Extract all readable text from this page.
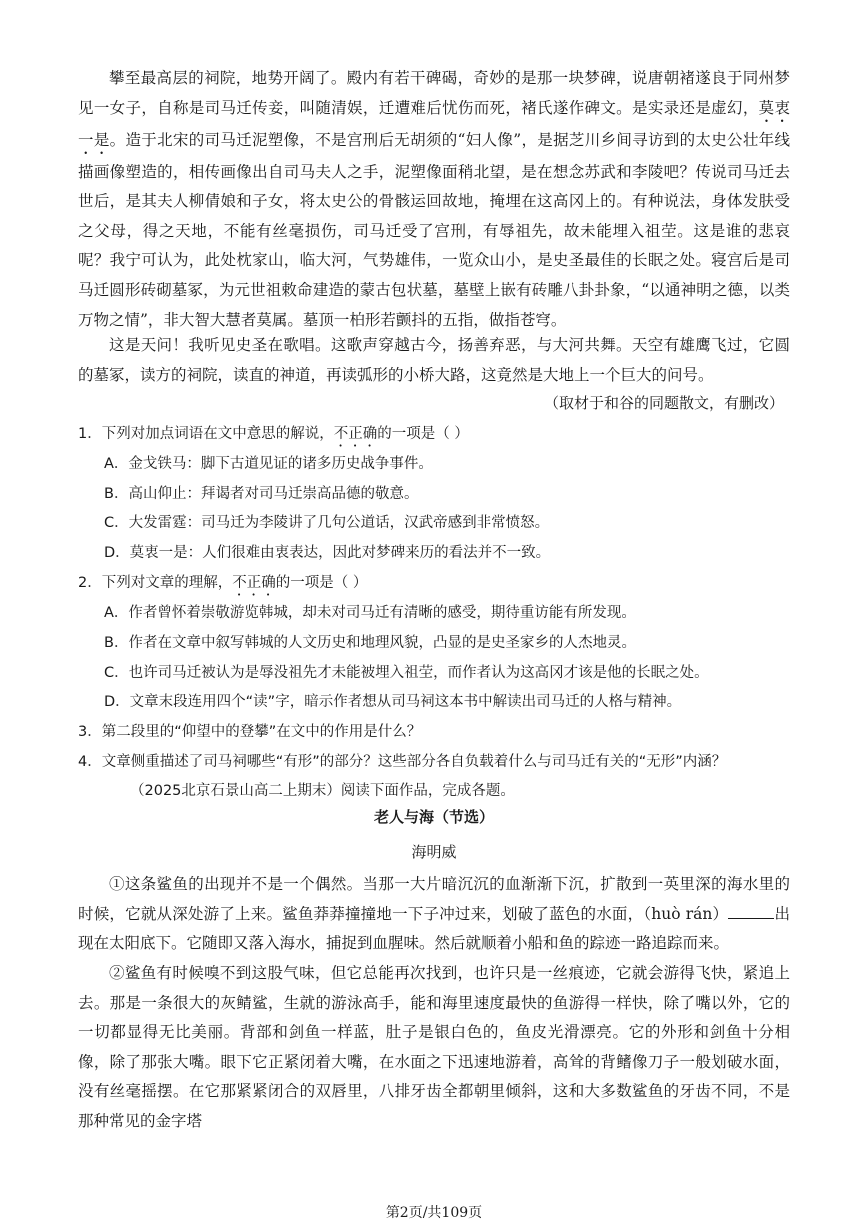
攀至最高层的祠院，地势开阔了。殿内有若干碑碣，奇妙的是那一块梦碑，说唐朝褚遂良于同州梦见一女子，自称是司马迁传妾，叫随清娱，迁遭难后忧伤而死，褚氏遂作碑文。是实录还是虚幻，莫衷一是。造于北宋的司马迁泥塑像，不是宫刑后无胡须的“妇人像”，是据芝川乡间寻访到的太史公壮年线描画像塑造的，相传画像出自司马夫人之手，泥塑像面稍北望，是在想念苏武和李陵吧？传说司马迁去世后，是其夫人柳倩娘和子女，将太史公的骨骸运回故地，掩埋在这高冈上的。有种说法，身体发肤受之父母，得之天地，不能有丝毫损伤，司马迁受了宫刑，有辱祖先，故未能埋入祖茔。这是谁的悲哀呢？我宁可认为，此处枕家山，临大河，气势雄伟，一览众山小，是史圣最佳的长眠之处。寝宫后是司马迁圆形砖砌墓冢，为元世祖敕命建造的蒙古包状墓，墓壁上嵌有砖雕八卦卦象，“以通神明之德，以类万物之情”，非大智大慧者莫属。墓顶一柏形若颤抖的五指，做指苍穹。

这是天问！我听见史圣在歌唱。这歌声穿越古今，扬善弃恶，与大河共舞。天空有雄鹰飞过，它圆的墓冢，读方的祠院，读直的神道，再读弧形的小桥大路，这竟然是大地上一个巨大的问号。

（取材于和谷的同题散文，有删改）
1．下列对加点词语在文中意思的解说，不正确的一项是（ ）
A．金戈铁马：脚下古道见证的诸多历史战争事件。
B．高山仰止：拜谒者对司马迁崇高品德的敬意。
C．大发雷霆：司马迁为李陵讲了几句公道话，汉武帝感到非常愤怒。
D．莫衷一是：人们很难由衷表达，因此对梦碑来历的看法并不一致。
2．下列对文章的理解，不正确的一项是（ ）
A．作者曾怀着崇敬游览韩城，却未对司马迁有清晰的感受，期待重访能有所发现。
B．作者在文章中叙写韩城的人文历史和地理风貌，凸显的是史圣家乡的人杰地灵。
C．也许司马迁被认为是辱没祖先才未能被埋入祖茔，而作者认为这高冈才该是他的长眠之处。
D．文章末段连用四个“读”字，暗示作者想从司马祠这本书中解读出司马迁的人格与精神。
3．第二段里的“仰望中的登攀”在文中的作用是什么？
4．文章侧重描述了司马祠哪些“有形”的部分？这些部分各自负载着什么与司马迁有关的“无形”内涵？
（2025北京石景山高二上期末）阅读下面作品，完成各题。
老人与海（节选）
海明威

①这条鲨鱼的出现并不是一个偶然。当那一大片暗沉沉的血渐渐下沉，扩散到一英里深的海水里的时候，它就从深处游了上来。鲨鱼莽莽撞撞地一下子冲过来，划破了蓝色的水面，（huò rán）	出现在太阳底下。它随即又落入海水，捕捉到血腥味。然后就顺着小船和鱼的踪迹一路追踪而来。

②鲨鱼有时候嗅不到这股气味，但它总能再次找到，也许只是一丝痕迹，它就会游得飞快，紧追上去。那是一条很大的灰鲭鲨，生就的游泳高手，能和海里速度最快的鱼游得一样快，除了嘴以外，它的一切都显得无比美丽。背部和剑鱼一样蓝，肚子是银白色的，鱼皮光滑漂亮。它的外形和剑鱼十分相像，除了那张大嘴。眼下它正紧闭着大嘴，在水面之下迅速地游着，高耸的背鳍像刀子一般划破水面，没有丝毫摇摆。在它那紧紧闭合的双唇里，八排牙齿全都朝里倾斜，这和大多数鲨鱼的牙齿不同，不是那种常见的金字塔

第2页/共109页
